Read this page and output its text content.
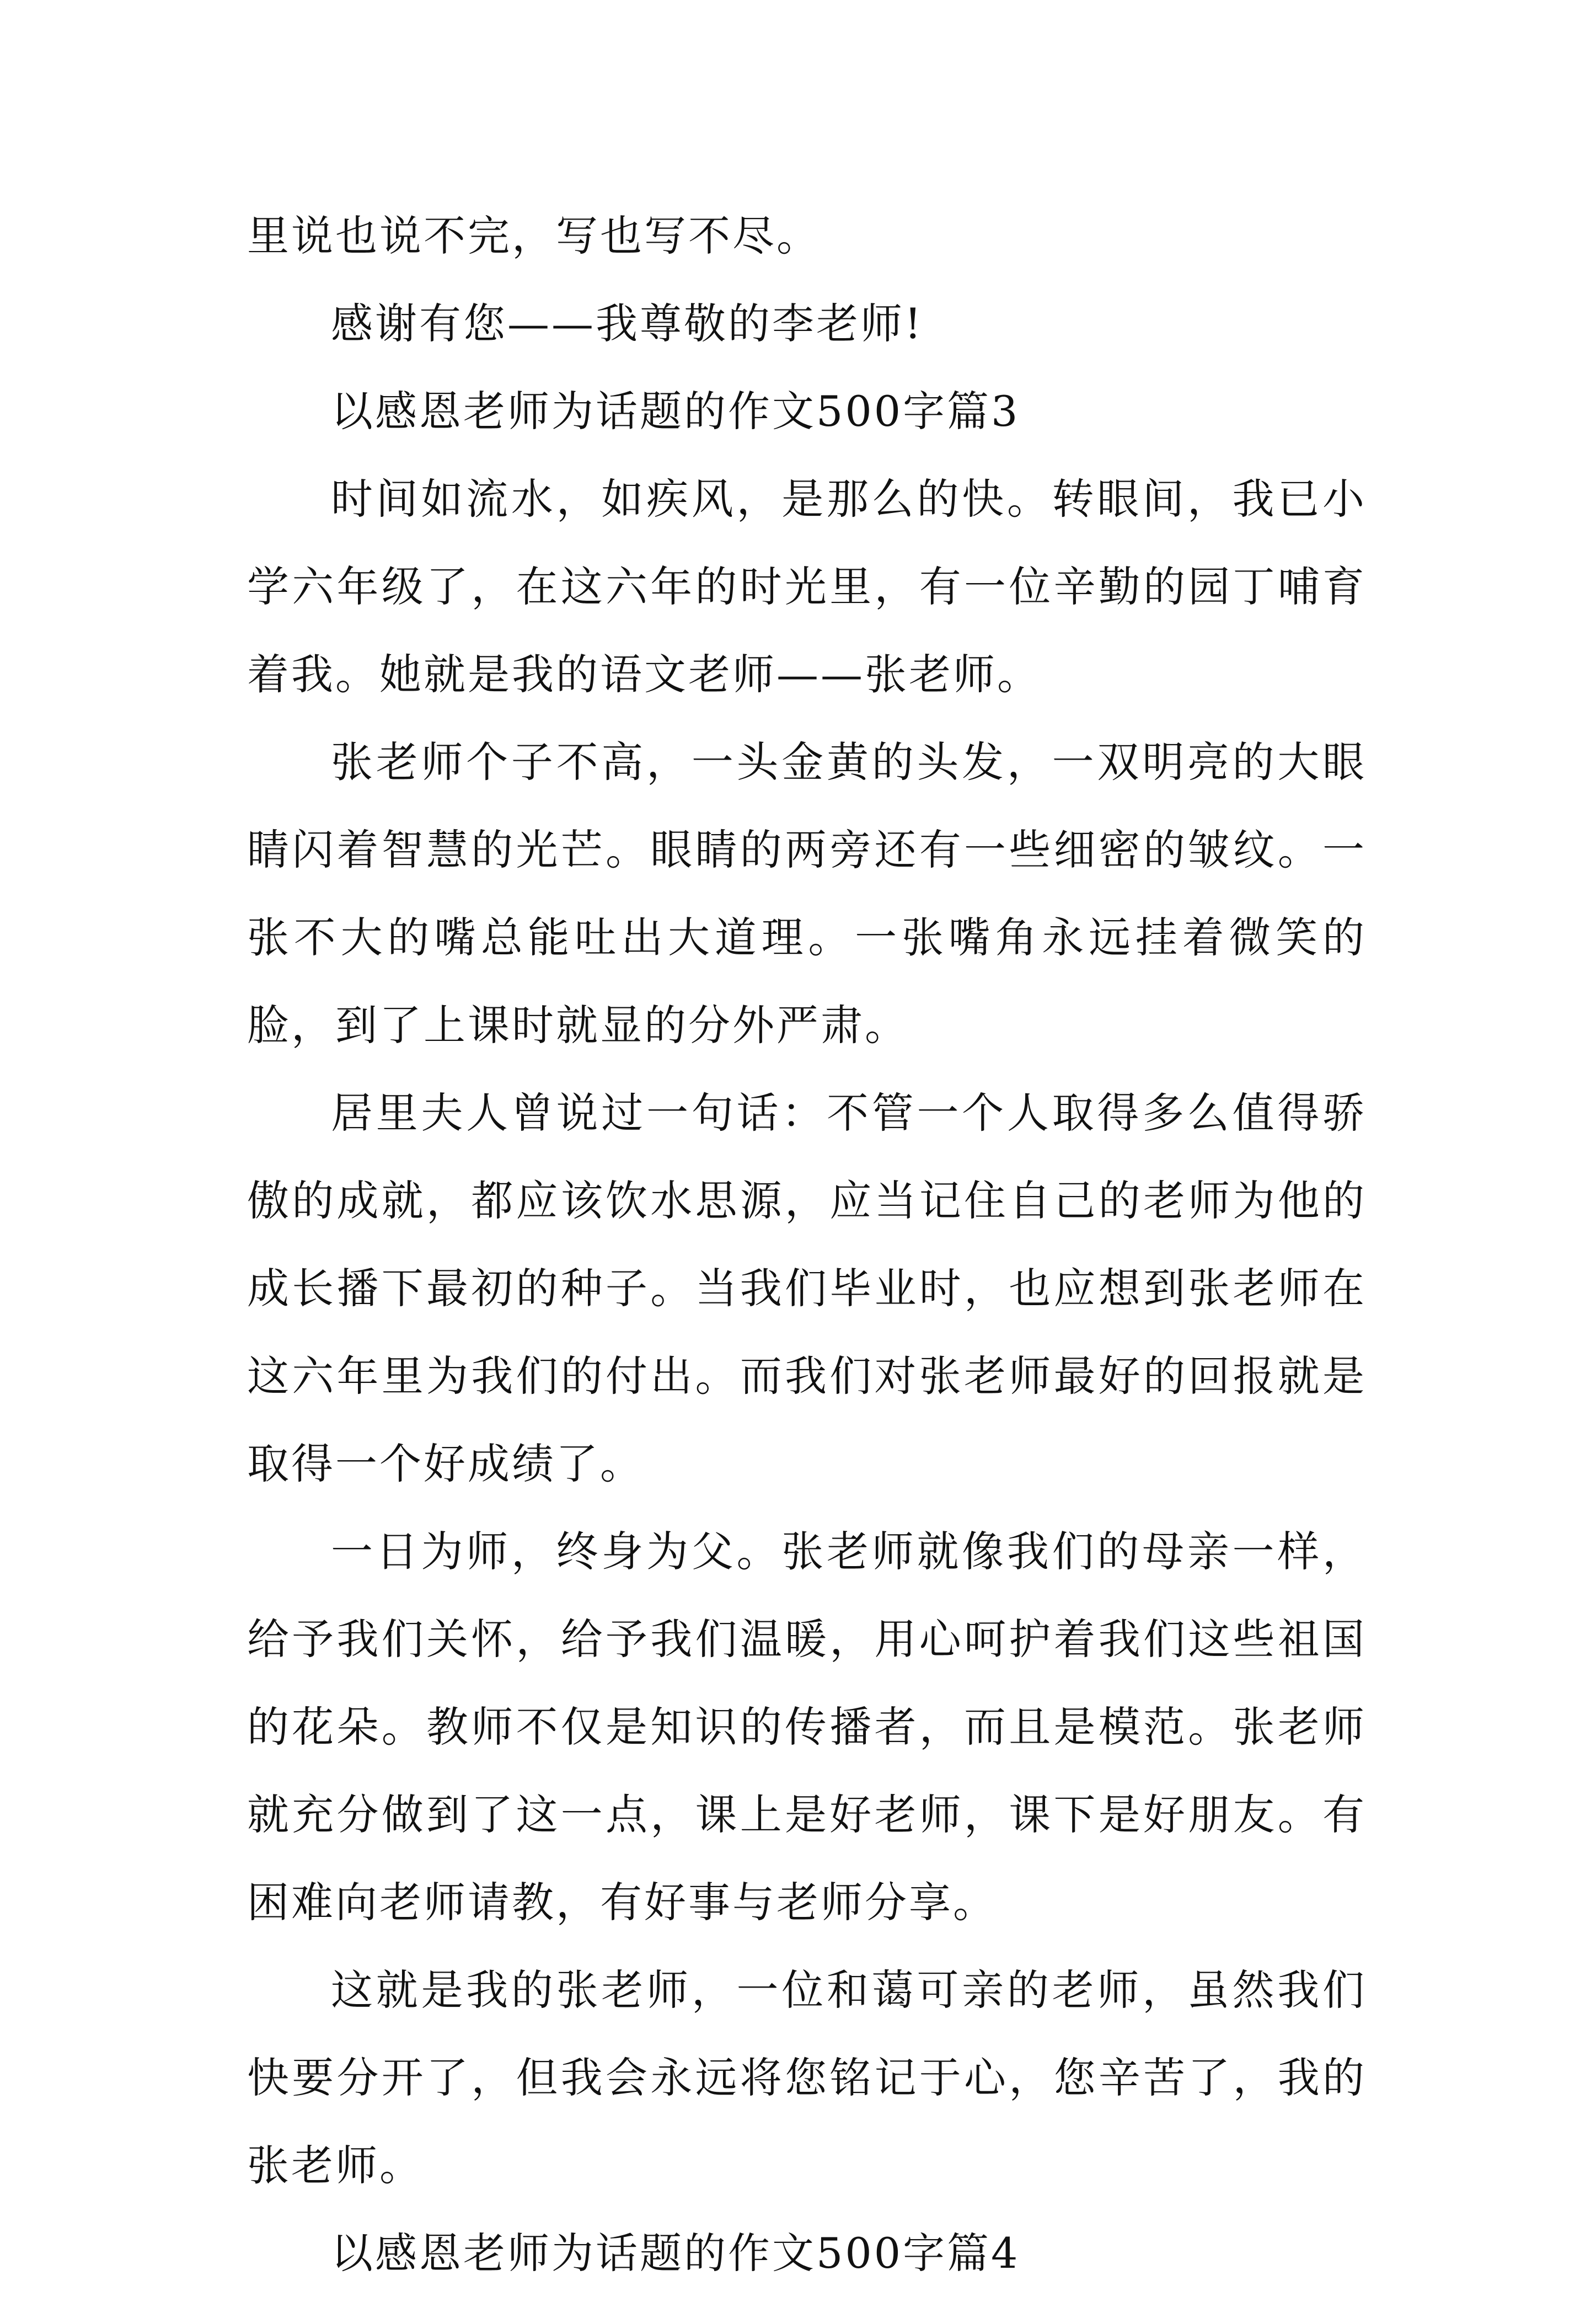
里说也说不完，写也写不尽。

感谢有您——我尊敬的李老师!

以感恩老师为话题的作文500字篇3

时间如流水，如疾风，是那么的快。转眼间，我已小学六年级了，在这六年的时光里，有一位辛勤的园丁哺育着我。她就是我的语文老师——张老师。

张老师个子不高，一头金黄的头发，一双明亮的大眼睛闪着智慧的光芒。眼睛的两旁还有一些细密的皱纹。一张不大的嘴总能吐出大道理。一张嘴角永远挂着微笑的脸，到了上课时就显的分外严肃。

居里夫人曾说过一句话：不管一个人取得多么值得骄傲的成就，都应该饮水思源，应当记住自己的老师为他的成长播下最初的种子。当我们毕业时，也应想到张老师在这六年里为我们的付出。而我们对张老师最好的回报就是取得一个好成绩了。

一日为师，终身为父。张老师就像我们的母亲一样，给予我们关怀，给予我们温暖，用心呵护着我们这些祖国的花朵。教师不仅是知识的传播者，而且是模范。张老师就充分做到了这一点，课上是好老师，课下是好朋友。有困难向老师请教，有好事与老师分享。

这就是我的张老师，一位和蔼可亲的老师，虽然我们快要分开了，但我会永远将您铭记于心，您辛苦了，我的张老师。

以感恩老师为话题的作文500字篇4
